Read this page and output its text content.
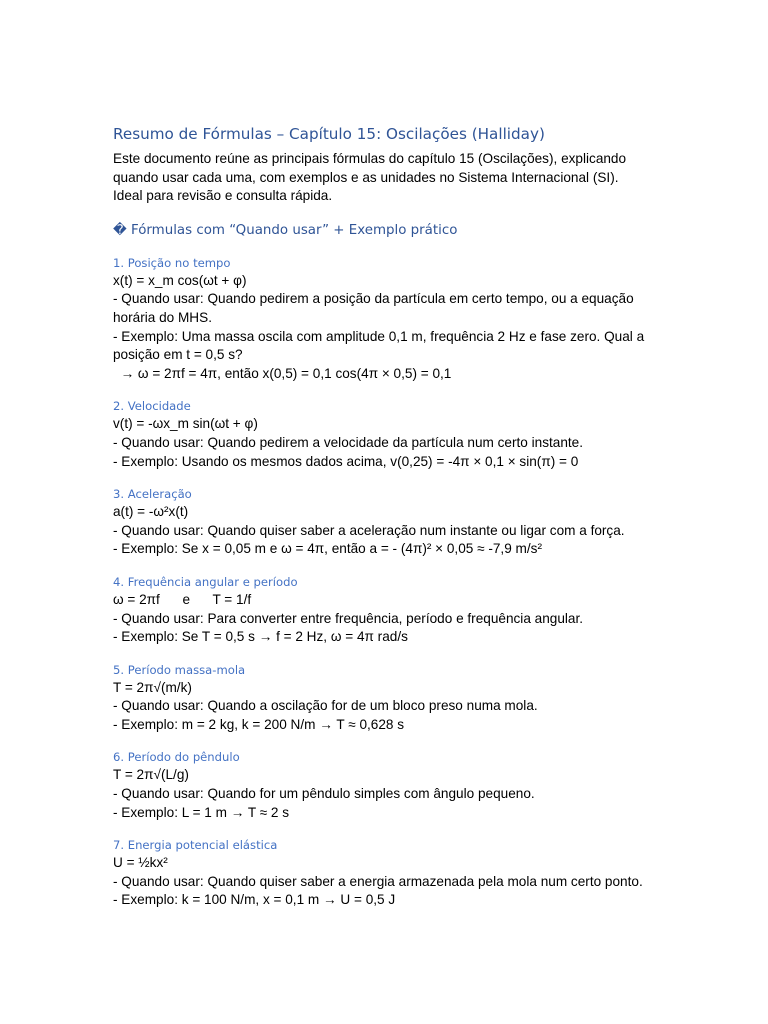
Resumo de Fórmulas – Capítulo 15: Oscilações (Halliday)

Este documento reúne as principais fórmulas do capítulo 15 (Oscilações), explicando

quando usar cada uma, com exemplos e as unidades no Sistema Internacional (SI).

Ideal para revisão e consulta rápida.

� Fórmulas com “Quando usar” + Exemplo prático
1. Posição no tempo

x(t) = x_m cos(ωt + φ)

- Quando usar: Quando pedirem a posição da partícula em certo tempo, ou a equação

horária do MHS.

- Exemplo: Uma massa oscila com amplitude 0,1 m, frequência 2 Hz e fase zero. Qual a

posição em t = 0,5 s?

→ ω = 2πf = 4π, então x(0,5) = 0,1 cos(4π × 0,5) = 0,1

2. Velocidade

v(t) = -ωx_m sin(ωt + φ)

- Quando usar: Quando pedirem a velocidade da partícula num certo instante.

- Exemplo: Usando os mesmos dados acima, v(0,25) = -4π × 0,1 × sin(π) = 0

3. Aceleração

a(t) = -ω²x(t)

- Quando usar: Quando quiser saber a aceleração num instante ou ligar com a força.

- Exemplo: Se x = 0,05 m e ω = 4π, então a = - (4π)² × 0,05 ≈ -7,9 m/s²

4. Frequência angular e período

ω = 2πf      e      T = 1/f

- Quando usar: Para converter entre frequência, período e frequência angular.

- Exemplo: Se T = 0,5 s → f = 2 Hz, ω = 4π rad/s

5. Período massa-mola

T = 2π√(m/k)

- Quando usar: Quando a oscilação for de um bloco preso numa mola.

- Exemplo: m = 2 kg, k = 200 N/m → T ≈ 0,628 s

6. Período do pêndulo

T = 2π√(L/g)

- Quando usar: Quando for um pêndulo simples com ângulo pequeno.

- Exemplo: L = 1 m → T ≈ 2 s

7. Energia potencial elástica

U = ½kx²

- Quando usar: Quando quiser saber a energia armazenada pela mola num certo ponto.

- Exemplo: k = 100 N/m, x = 0,1 m → U = 0,5 J
